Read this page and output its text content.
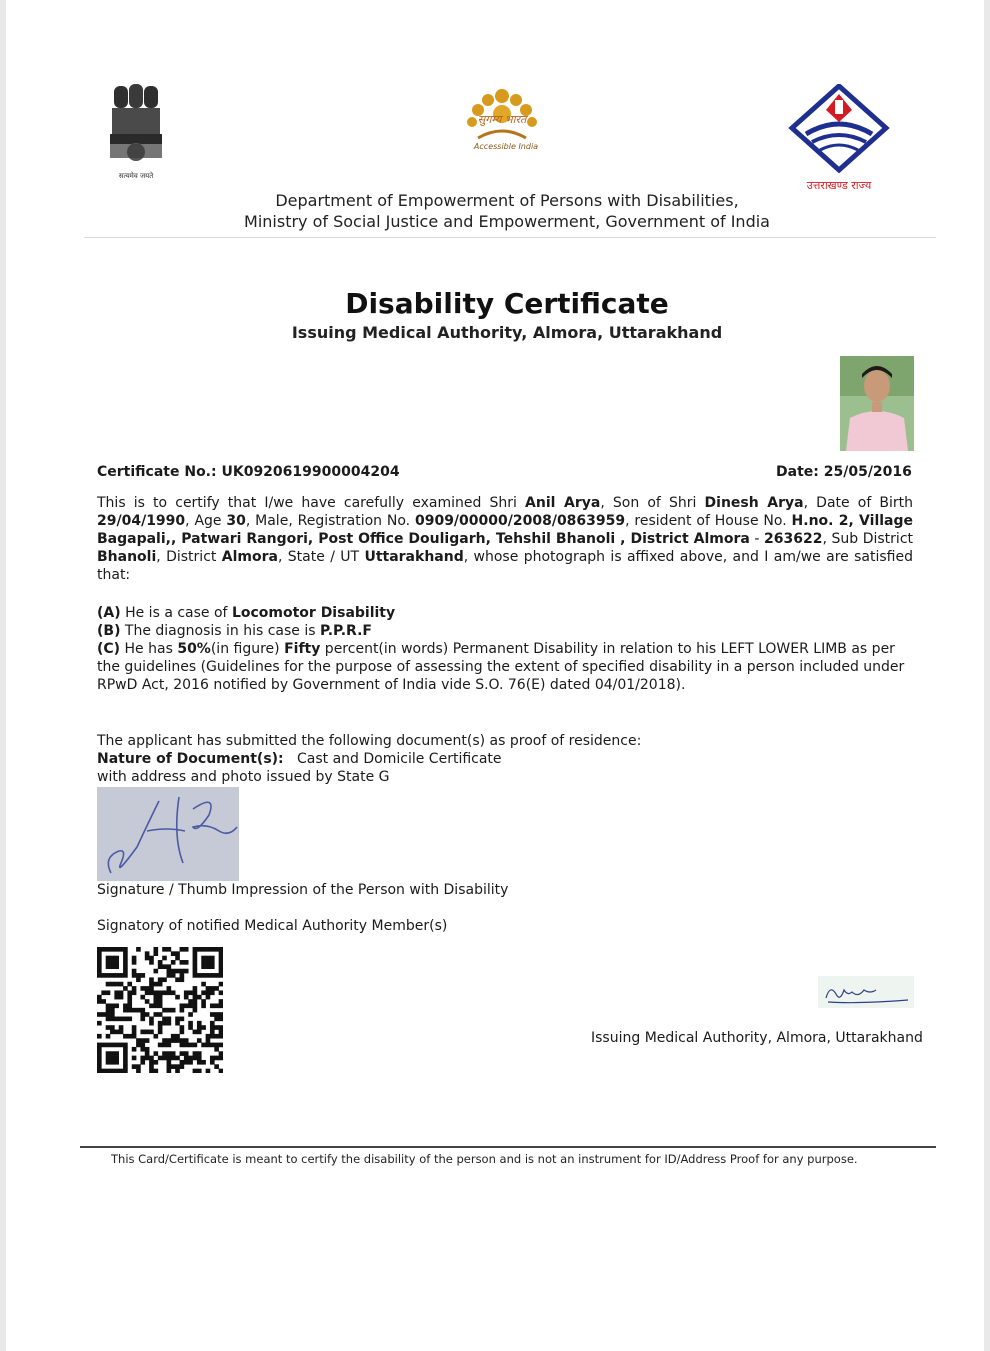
सत्यमेव जयते
सुगम्य भारत
Accessible India
उत्तराखण्ड राज्य
Department of Empowerment of Persons with Disabilities,
Ministry of Social Justice and Empowerment, Government of India
Disability Certificate
Issuing Medical Authority, Almora, Uttarakhand
Certificate No.: UK0920619900004204	Date: 25/05/2016
This is to certify that I/we have carefully examined Shri Anil Arya, Son of Shri Dinesh Arya, Date of Birth 29/04/1990, Age 30, Male, Registration No. 0909/00000/2008/0863959, resident of House No. H.no. 2, Village Bagapali,, Patwari Rangori, Post Office Douligarh, Tehshil Bhanoli , District Almora - 263622, Sub District Bhanoli, District Almora, State / UT Uttarakhand, whose photograph is affixed above, and I am/we are satisfied that:
(A) He is a case of Locomotor Disability
(B) The diagnosis in his case is P.P.R.F
(C) He has 50%(in figure) Fifty percent(in words) Permanent Disability in relation to his LEFT LOWER LIMB as per the guidelines (Guidelines for the purpose of assessing the extent of specified disability in a person included under RPwD Act, 2016 notified by Government of India vide S.O. 76(E) dated 04/01/2018).
The applicant has submitted the following document(s) as proof of residence:
Nature of Document(s): Cast and Domicile Certificate
with address and photo issued by State G
Signature / Thumb Impression of the Person with Disability
Signatory of notified Medical Authority Member(s)
Issuing Medical Authority, Almora, Uttarakhand
This Card/Certificate is meant to certify the disability of the person and is not an instrument for ID/Address Proof for any purpose.
